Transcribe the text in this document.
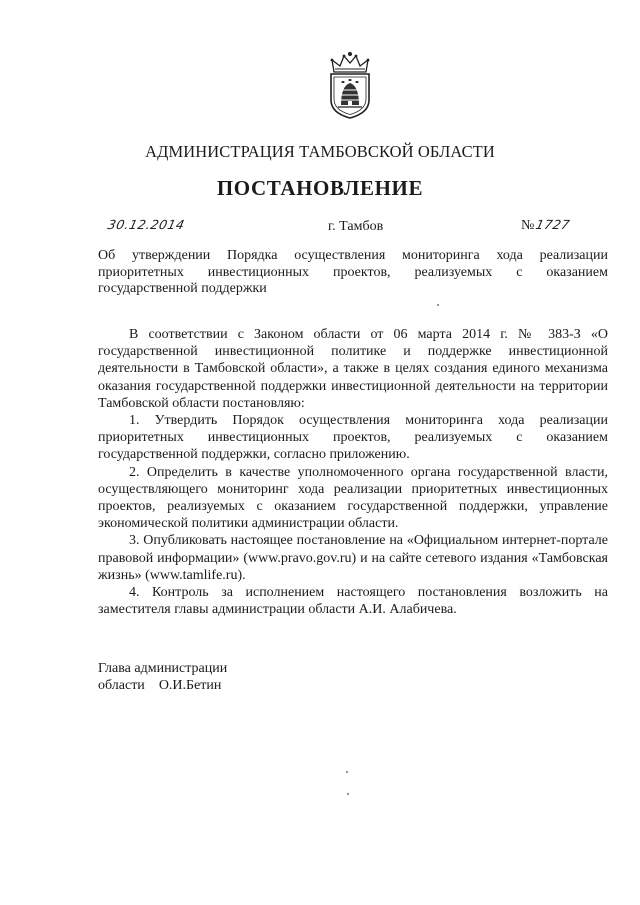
АДМИНИСТРАЦИЯ ТАМБОВСКОЙ ОБЛАСТИ
ПОСТАНОВЛЕНИЕ
30.12.2014	г. Тамбов	№1727
Об утверждении Порядка осуществления мониторинга хода реализации приоритетных инвестиционных проектов, реализуемых с оказанием государственной поддержки

В соответствии с Законом области от 06 марта 2014 г. № 383-З «О государственной инвестиционной политике и поддержке инвестиционной деятельности в Тамбовской области», а также в целях создания единого механизма оказания государственной поддержки инвестиционной деятельности на территории Тамбовской области постановляю:

1. Утвердить Порядок осуществления мониторинга хода реализации приоритетных инвестиционных проектов, реализуемых с оказанием государственной поддержки, согласно приложению.

2. Определить в качестве уполномоченного органа государственной власти, осуществляющего мониторинг хода реализации приоритетных инвестиционных проектов, реализуемых с оказанием государственной поддержки, управление экономической политики администрации области.

3. Опубликовать настоящее постановление на «Официальном интернет-портале правовой информации» (www.pravo.gov.ru) и на сайте сетевого издания «Тамбовская жизнь» (www.tamlife.ru).

4. Контроль за исполнением настоящего постановления возложить на заместителя главы администрации области А.И. Алабичева.

Глава администрации
области О.И.Бетин
